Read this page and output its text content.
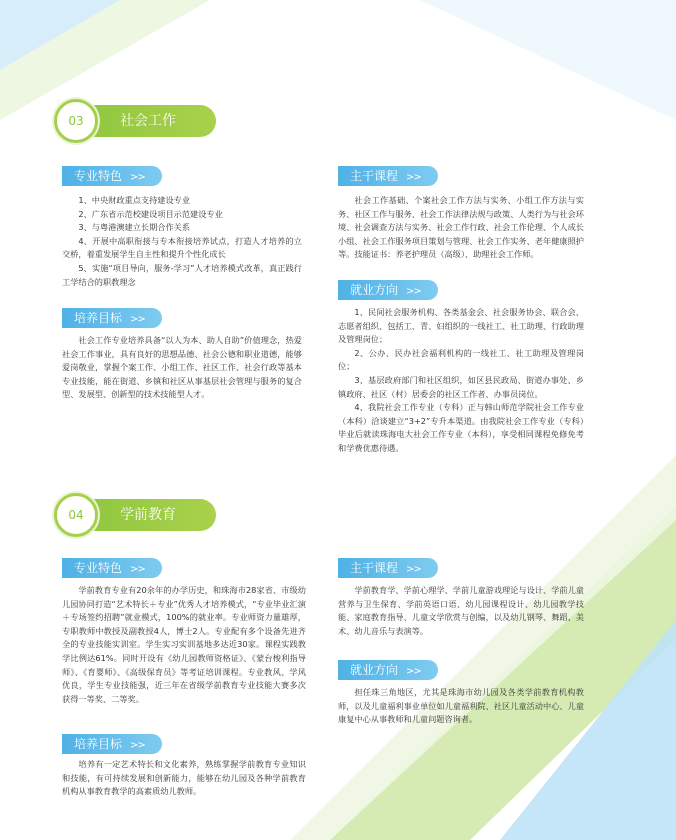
社会工作
03
专业特色 >>

1、中央财政重点支持建设专业

2、广东省示范校建设项目示范建设专业

3、与粤港澳建立长期合作关系

4、开展中高职衔接与专本衔接培养试点，打造人才培养的立交桥，着重发展学生自主性和提升个性化成长

5、实施“项目导向，服务-学习”人才培养模式改革，真正践行工学结合的职教理念

培养目标 >>

社会工作专业培养具备“以人为本、助人自助”价值理念，热爱社会工作事业，具有良好的思想品德、社会公德和职业道德，能够爱岗敬业，掌握个案工作、小组工作、社区工作、社会行政等基本专业技能，能在街道、乡镇和社区从事基层社会管理与服务的复合型、发展型、创新型的技术技能型人才。

主干课程 >>

社会工作基础、个案社会工作方法与实务、小组工作方法与实务、社区工作与服务、社会工作法律法规与政策、人类行为与社会环境、社会调查方法与实务、社会工作行政、社会工作伦理、个人成长小组、社会工作服务项目策划与管理、社会工作实务、老年健康照护等。技能证书：养老护理员（高级）、助理社会工作师。

就业方向 >>

1、民间社会服务机构、各类基金会、社会服务协会、联合会、志愿者组织、包括工、青、妇组织的一线社工、社工助理、行政助理及管理岗位；

2、公办、民办社会福利机构的一线社工、社工助理及管理岗位；

3、基层政府部门和社区组织，如区县民政局、街道办事处、乡镇政府、社区（村）居委会的社区工作者、办事员岗位。

4、我院社会工作专业（专科）正与韩山师范学院社会工作专业（本科）洽谈建立“3+2”专升本渠道。由我院社会工作专业（专科）毕业后就读珠海电大社会工作专业（本科），享受相同课程免修免考和学费优惠待遇。

学前教育
04
专业特色 >>

学前教育专业有20余年的办学历史，和珠海市28家省、市级幼儿园协同打造“艺术特长＋专业”优秀人才培养模式，“专业毕业汇演＋专场签约招聘”就业模式，100%的就业率。专业师资力量雄厚，专职教师中教授及副教授4人，博士2人。专业配有多个设备先进齐全的专业技能实训室。学生实习实训基地多达近30家。课程实践教学比例达61%。同时开设有《幼儿园教师资格证》、《蒙台梭利指导师》、《育婴师》、《高级保育员》等考证培训课程。专业教风、学风优良，学生专业技能强，近三年在省级学前教育专业技能大赛多次获得一等奖、二等奖。

培养目标 >>

培养有一定艺术特长和文化素养，熟练掌握学前教育专业知识和技能，有可持续发展和创新能力，能够在幼儿园及各种学前教育机构从事教育教学的高素质幼儿教师。

主干课程 >>

学前教育学、学前心理学、学前儿童游戏理论与设计、学前儿童营养与卫生保育、学前英语口语、幼儿园课程设计、幼儿园教学技能、家庭教育指导、儿童文学欣赏与创编，以及幼儿钢琴、舞蹈、美术、幼儿音乐与表演等。

就业方向 >>

担任珠三角地区，尤其是珠海市幼儿园及各类学前教育机构教师，以及儿童福利事业单位如儿童福利院、社区儿童活动中心、儿童康复中心从事教师和儿童问题咨询者。
